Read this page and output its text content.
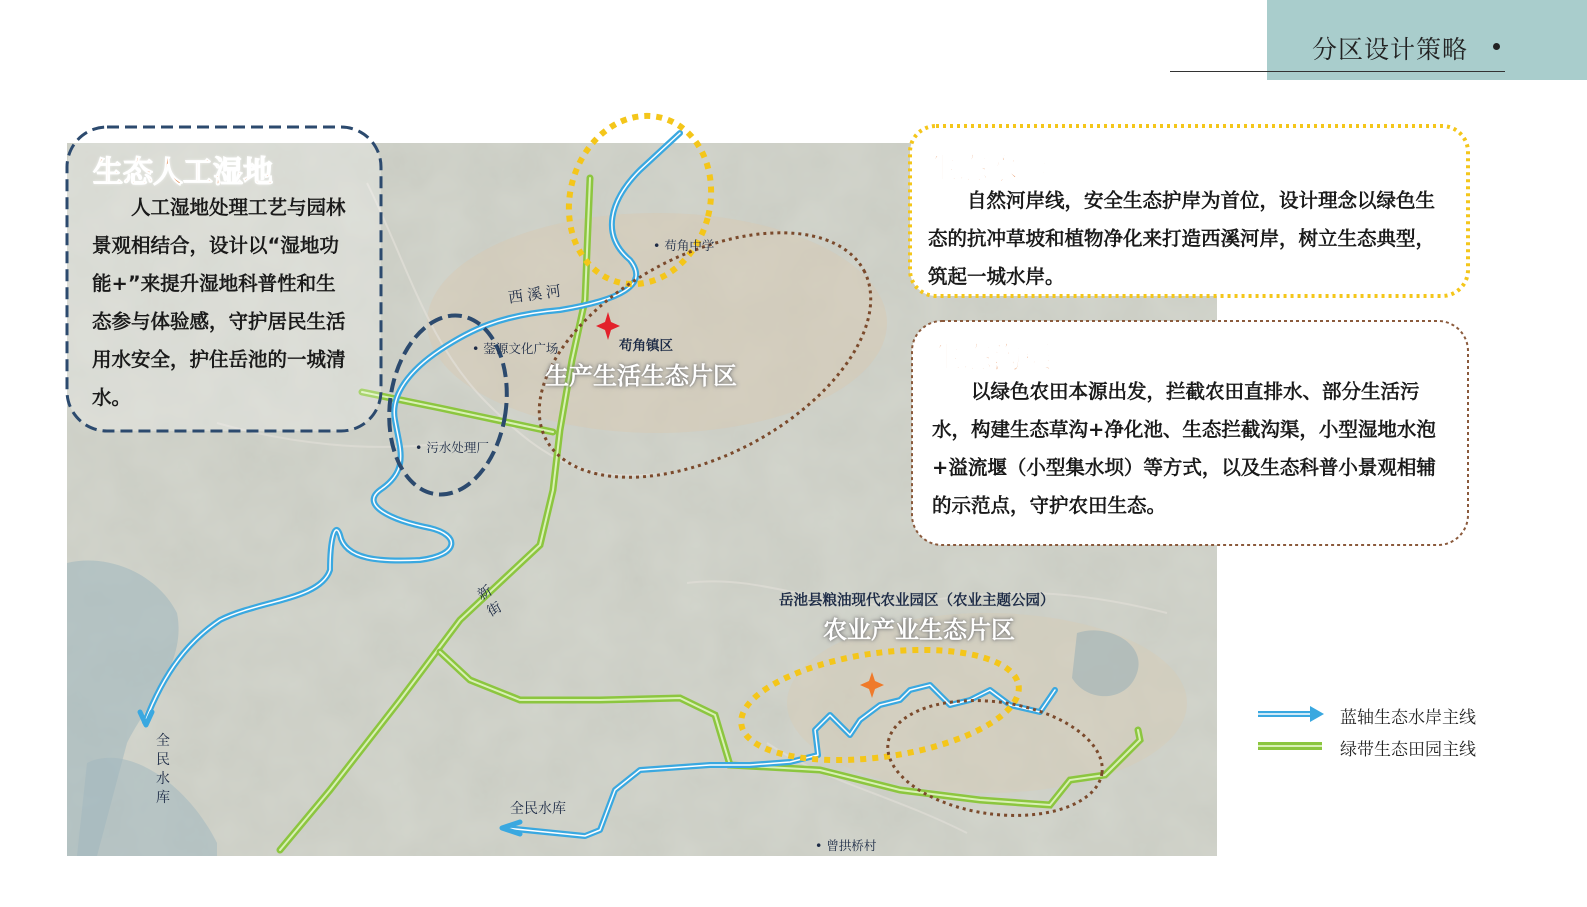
分区设计策略
• 苟角中学
• 蓥源文化广场	苟角镇区
• 污水处理厂
西溪河
新街
全民水库
全民水库
• 曾拱桥村
岳池县粮油现代农业园区（农业主题公园）
生产生活生态片区
农业产业生态片区
生态人工湿地
人工湿地处理工艺与园林景观相结合，设计以“湿地功能+”来提升湿地科普性和生态参与体验感，守护居民生活用水安全，护住岳池的一城清水。
生态水岸
自然河岸线，安全生态护岸为首位，设计理念以绿色生态的抗冲草坡和植物净化来打造西溪河岸，树立生态典型，筑起一城水岸。
生态沟渠
以绿色农田本源出发，拦截农田直排水、部分生活污水，构建生态草沟+净化池、生态拦截沟渠，小型湿地水泡+溢流堰（小型集水坝）等方式，以及生态科普小景观相辅的示范点，守护农田生态。
蓝轴生态水岸主线
绿带生态田园主线
